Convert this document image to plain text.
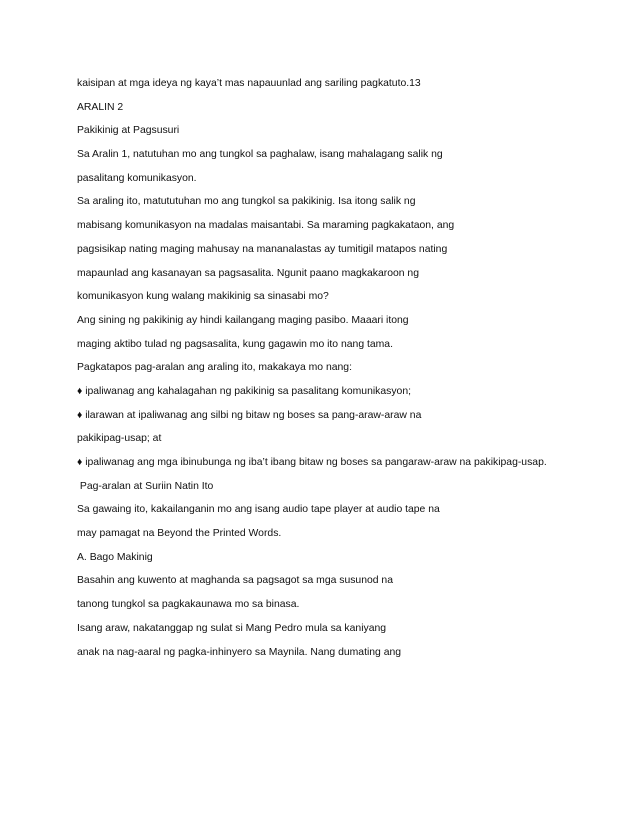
kaisipan at mga ideya ng kaya’t mas napauunlad ang sariling pagkatuto.13

ARALIN 2

Pakikinig at Pagsusuri

Sa Aralin 1, natutuhan mo ang tungkol sa paghalaw, isang mahalagang salik ng

pasalitang komunikasyon.

Sa araling ito, matututuhan mo ang tungkol sa pakikinig. Isa itong salik ng

mabisang komunikasyon na madalas maisantabi. Sa maraming pagkakataon, ang

pagsisikap nating maging mahusay na mananalastas ay tumitigil matapos nating

mapaunlad ang kasanayan sa pagsasalita. Ngunit paano magkakaroon ng

komunikasyon kung walang makikinig sa sinasabi mo?

Ang sining ng pakikinig ay hindi kailangang maging pasibo. Maaari itong

maging aktibo tulad ng pagsasalita, kung gagawin mo ito nang tama.

Pagkatapos pag-aralan ang araling ito, makakaya mo nang:

♦ ipaliwanag ang kahalagahan ng pakikinig sa pasalitang komunikasyon;

♦ ilarawan at ipaliwanag ang silbi ng bitaw ng boses sa pang-araw-araw na

pakikipag-usap; at

♦ ipaliwanag ang mga ibinubunga ng iba’t ibang bitaw ng boses sa pangaraw-araw na pakikipag-usap.

Pag-aralan at Suriin Natin Ito

Sa gawaing ito, kakailanganin mo ang isang audio tape player at audio tape na

may pamagat na Beyond the Printed Words.

A. Bago Makinig

Basahin ang kuwento at maghanda sa pagsagot sa mga susunod na

tanong tungkol sa pagkakaunawa mo sa binasa.

Isang araw, nakatanggap ng sulat si Mang Pedro mula sa kaniyang

anak na nag-aaral ng pagka-inhinyero sa Maynila. Nang dumating ang
